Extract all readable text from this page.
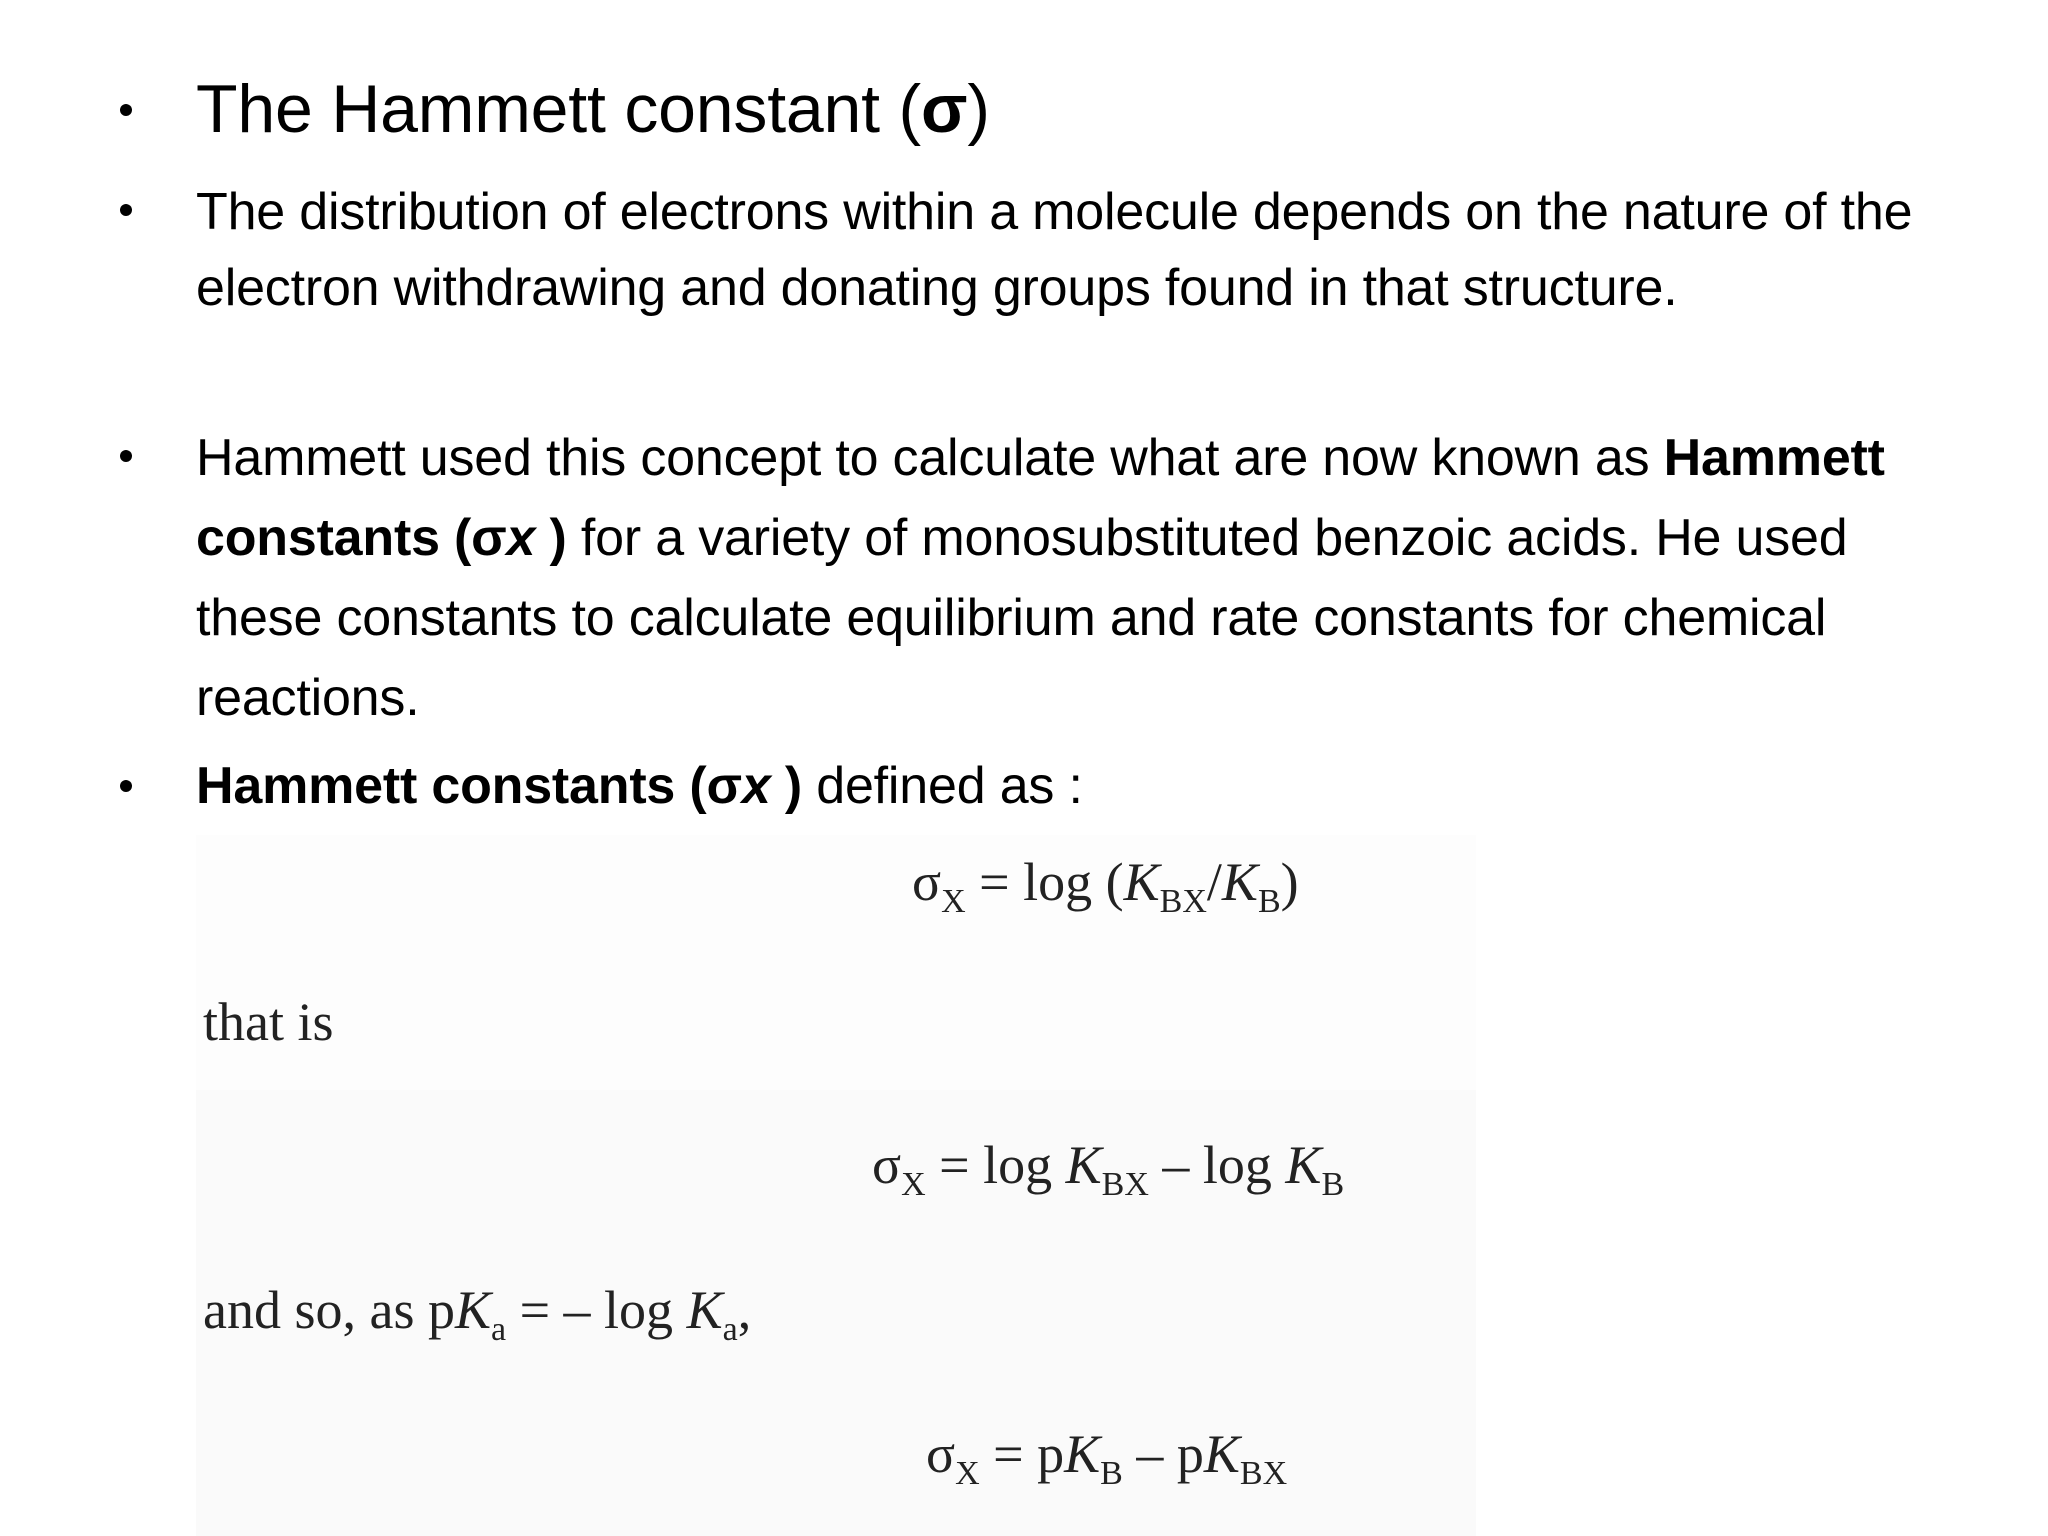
The Hammett constant (σ)
The distribution of electrons within a molecule depends on the nature of the electron withdrawing and donating groups found in that structure.
Hammett used this concept to calculate what are now known as Hammett constants (σx ) for a variety of monosubstituted benzoic acids. He used these constants to calculate equilibrium and rate constants for chemical reactions.
Hammett constants (σx ) defined as :
$\sigma_X = \log (K_{BX}/K_B)$
that is
$\sigma_X = \log K_{BX} - \log K_B$
and so, as $pK_a$ = – $\log K_a$,
$\sigma_X = pK_B - pK_{BX}$
